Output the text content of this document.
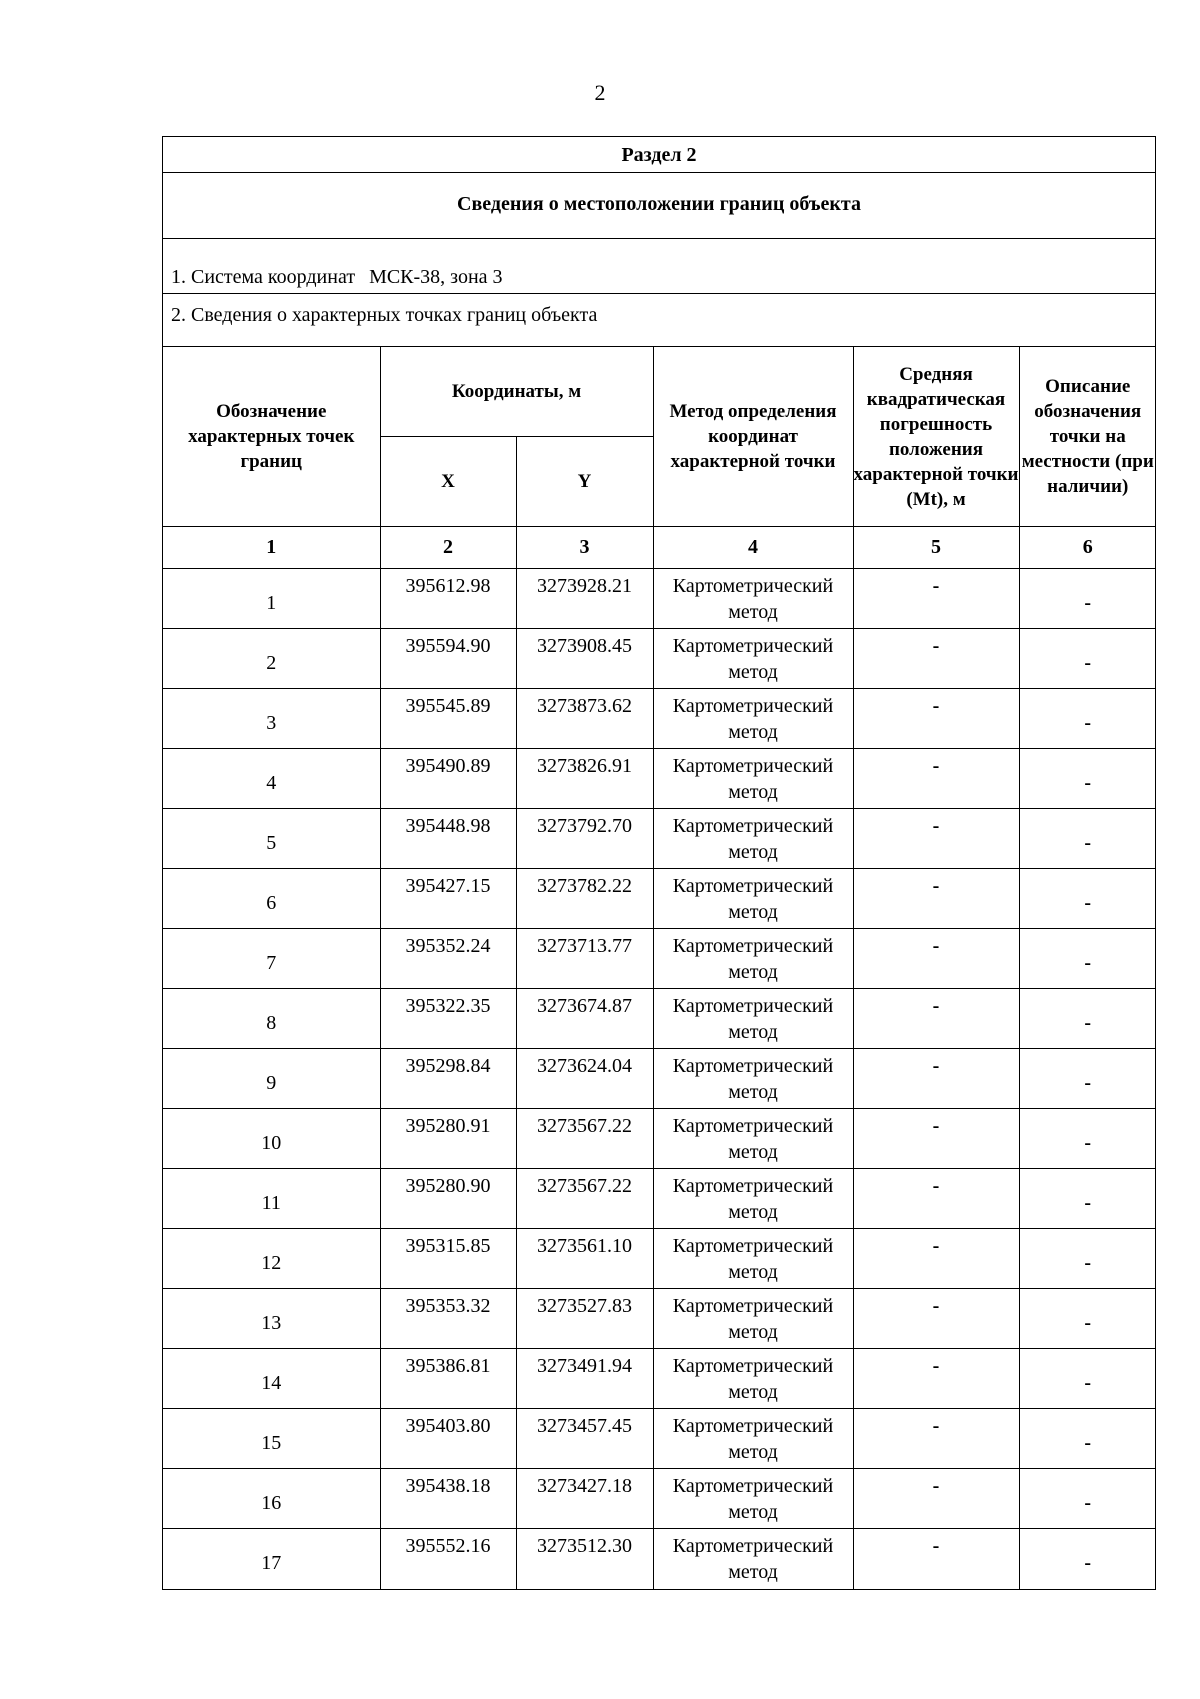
2
Раздел 2
Сведения о местоположении границ объекта
1. Система координат МСК-38, зона 3
2. Сведения о характерных точках границ объекта
Обозначение характерных точек границ	Координаты, м		Метод определения координат характерной точки	Средняя квадратическая погрешность положения характерной точки (Mt), м	Описание обозначения точки на местности (при наличии)
	X	Y			
1	2	3	4	5	6
1	395612.98	3273928.21	Картометрический метод	-	-
2	395594.90	3273908.45	Картометрический метод	-	-
3	395545.89	3273873.62	Картометрический метод	-	-
4	395490.89	3273826.91	Картометрический метод	-	-
5	395448.98	3273792.70	Картометрический метод	-	-
6	395427.15	3273782.22	Картометрический метод	-	-
7	395352.24	3273713.77	Картометрический метод	-	-
8	395322.35	3273674.87	Картометрический метод	-	-
9	395298.84	3273624.04	Картометрический метод	-	-
10	395280.91	3273567.22	Картометрический метод	-	-
11	395280.90	3273567.22	Картометрический метод	-	-
12	395315.85	3273561.10	Картометрический метод	-	-
13	395353.32	3273527.83	Картометрический метод	-	-
14	395386.81	3273491.94	Картометрический метод	-	-
15	395403.80	3273457.45	Картометрический метод	-	-
16	395438.18	3273427.18	Картометрический метод	-	-
17	395552.16	3273512.30	Картометрический метод	-	-
